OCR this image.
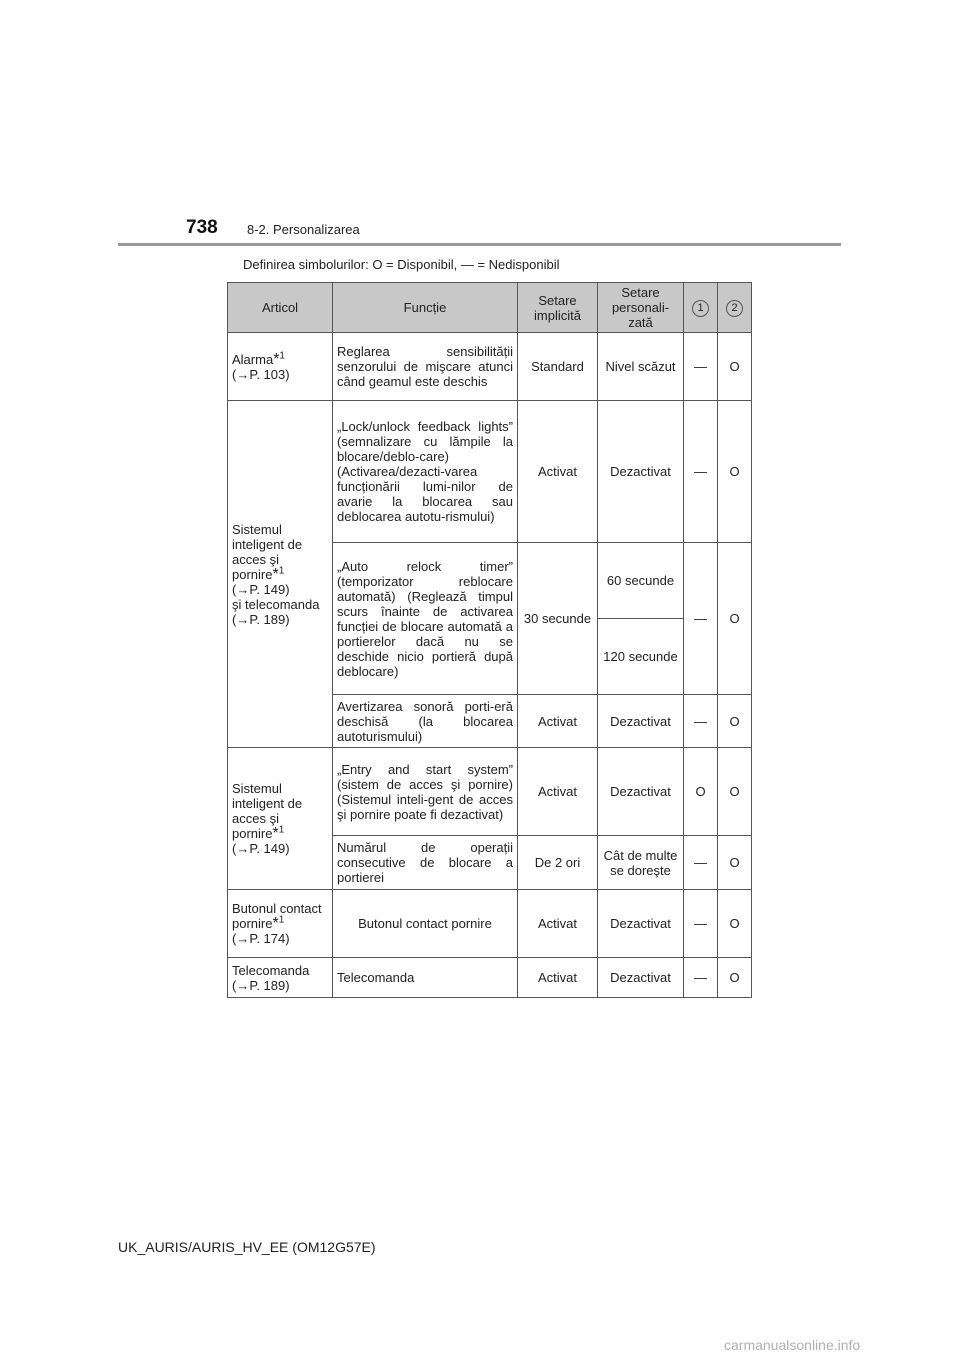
738 8-2. Personalizarea
Definirea simbolurilor: O = Disponibil, — = Nedisponibil
Articol	Funcție	Setare implicită	Setare personali-zată	1	2
Alarma*$^1$
(→P. 103)	Reglarea sensibilității senzorului de mişcare atunci când geamul este deschis	Standard	Nivel scăzut	—	O
Sistemul inteligent de acces şi pornire*$^1$
(→P. 149)
şi telecomanda
(→P. 189)	„Lock/unlock feedback lights” (semnalizare cu lămpile la blocare/deblo-care) (Activarea/dezacti-varea funcționării lumi-nilor de avarie la blocarea sau deblocarea autotu-rismului)	Activat	Dezactivat	—	O
	„Auto relock timer” (temporizator reblocare automată) (Reglează timpul scurs înainte de activarea funcției de blocare automată a portierelor dacă nu se deschide nicio portieră după deblocare)	30 secunde	60 secunde	—	O
			120 secunde		
	Avertizarea sonoră porti-eră deschisă (la blocarea autoturismului)	Activat	Dezactivat	—	O
Sistemul inteligent de acces şi pornire*$^1$
(→P. 149)	„Entry and start system” (sistem de acces şi pornire) (Sistemul inteli-gent de acces şi pornire poate fi dezactivat)	Activat	Dezactivat	O	O
	Numărul de operații consecutive de blocare a portierei	De 2 ori	Cât de multe se doreşte	—	O
Butonul contact pornire*$^1$
(→P. 174)	Butonul contact pornire	Activat	Dezactivat	—	O
Telecomanda
(→P. 189)	Telecomanda	Activat	Dezactivat	—	O
UK_AURIS/AURIS_HV_EE (OM12G57E)
carmanualsonline.info
